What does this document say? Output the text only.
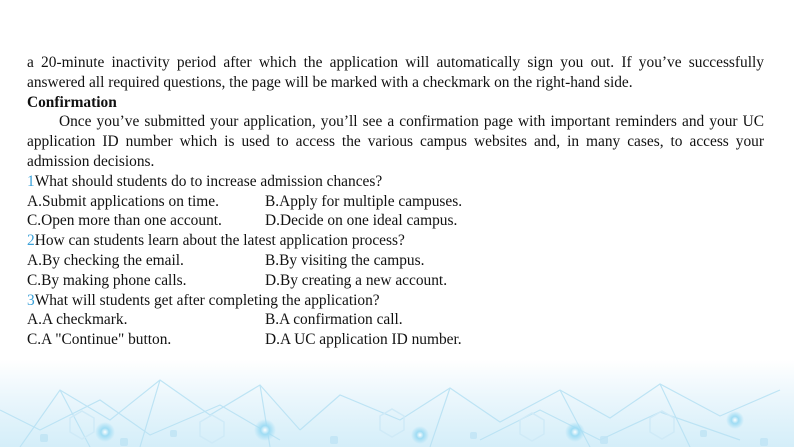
a 20-minute inactivity period after which the application will automatically sign you out. If you’ve successfully answered all required questions, the page will be marked with a checkmark on the right-hand side.

Confirmation

Once you’ve submitted your application, you’ll see a confirmation page with important reminders and your UC application ID number which is used to access the various campus websites and, in many cases, to access your admission decisions.

1What should students do to increase admission chances?

A.Submit applications on time.	B.Apply for multiple campuses.
C.Open more than one account.	D.Decide on one ideal campus.

2How can students learn about the latest application process?

A.By checking the email.	B.By visiting the campus.
C.By making phone calls.	D.By creating a new account.

3What will students get after completing the application?

A.A checkmark.	B.A confirmation call.
C.A "Continue" button.	D.A UC application ID number.
